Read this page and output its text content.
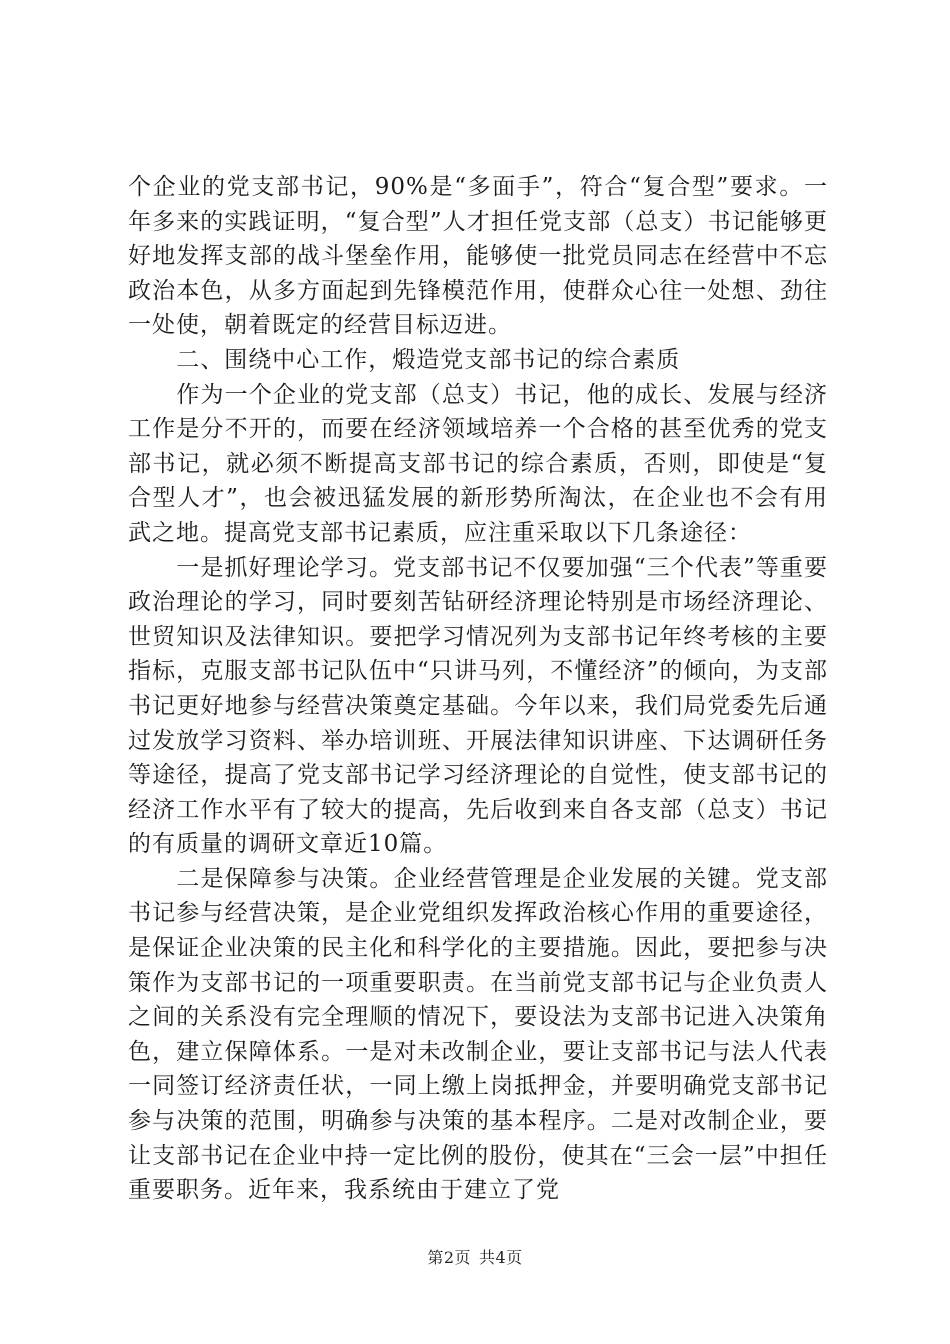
个企业的党支部书记，90%是“多面手”，符合“复合型”要求。一年多来的实践证明，“复合型”人才担任党支部（总支）书记能够更好地发挥支部的战斗堡垒作用，能够使一批党员同志在经营中不忘政治本色，从多方面起到先锋模范作用，使群众心往一处想、劲往一处使，朝着既定的经营目标迈进。

二、围绕中心工作，煅造党支部书记的综合素质

作为一个企业的党支部（总支）书记，他的成长、发展与经济工作是分不开的，而要在经济领域培养一个合格的甚至优秀的党支部书记，就必须不断提高支部书记的综合素质，否则，即使是“复合型人才”，也会被迅猛发展的新形势所淘汰，在企业也不会有用武之地。提高党支部书记素质，应注重采取以下几条途径：

一是抓好理论学习。党支部书记不仅要加强“三个代表”等重要政治理论的学习，同时要刻苦钻研经济理论特别是市场经济理论、世贸知识及法律知识。要把学习情况列为支部书记年终考核的主要指标，克服支部书记队伍中“只讲马列，不懂经济”的倾向，为支部书记更好地参与经营决策奠定基础。今年以来，我们局党委先后通过发放学习资料、举办培训班、开展法律知识讲座、下达调研任务等途径，提高了党支部书记学习经济理论的自觉性，使支部书记的经济工作水平有了较大的提高，先后收到来自各支部（总支）书记的有质量的调研文章近10篇。

二是保障参与决策。企业经营管理是企业发展的关键。党支部书记参与经营决策，是企业党组织发挥政治核心作用的重要途径，是保证企业决策的民主化和科学化的主要措施。因此，要把参与决策作为支部书记的一项重要职责。在当前党支部书记与企业负责人之间的关系没有完全理顺的情况下，要设法为支部书记进入决策角色，建立保障体系。一是对未改制企业，要让支部书记与法人代表一同签订经济责任状，一同上缴上岗抵押金，并要明确党支部书记参与决策的范围，明确参与决策的基本程序。二是对改制企业，要让支部书记在企业中持一定比例的股份，使其在“三会一层”中担任重要职务。近年来，我系统由于建立了党

第2页 共4页
